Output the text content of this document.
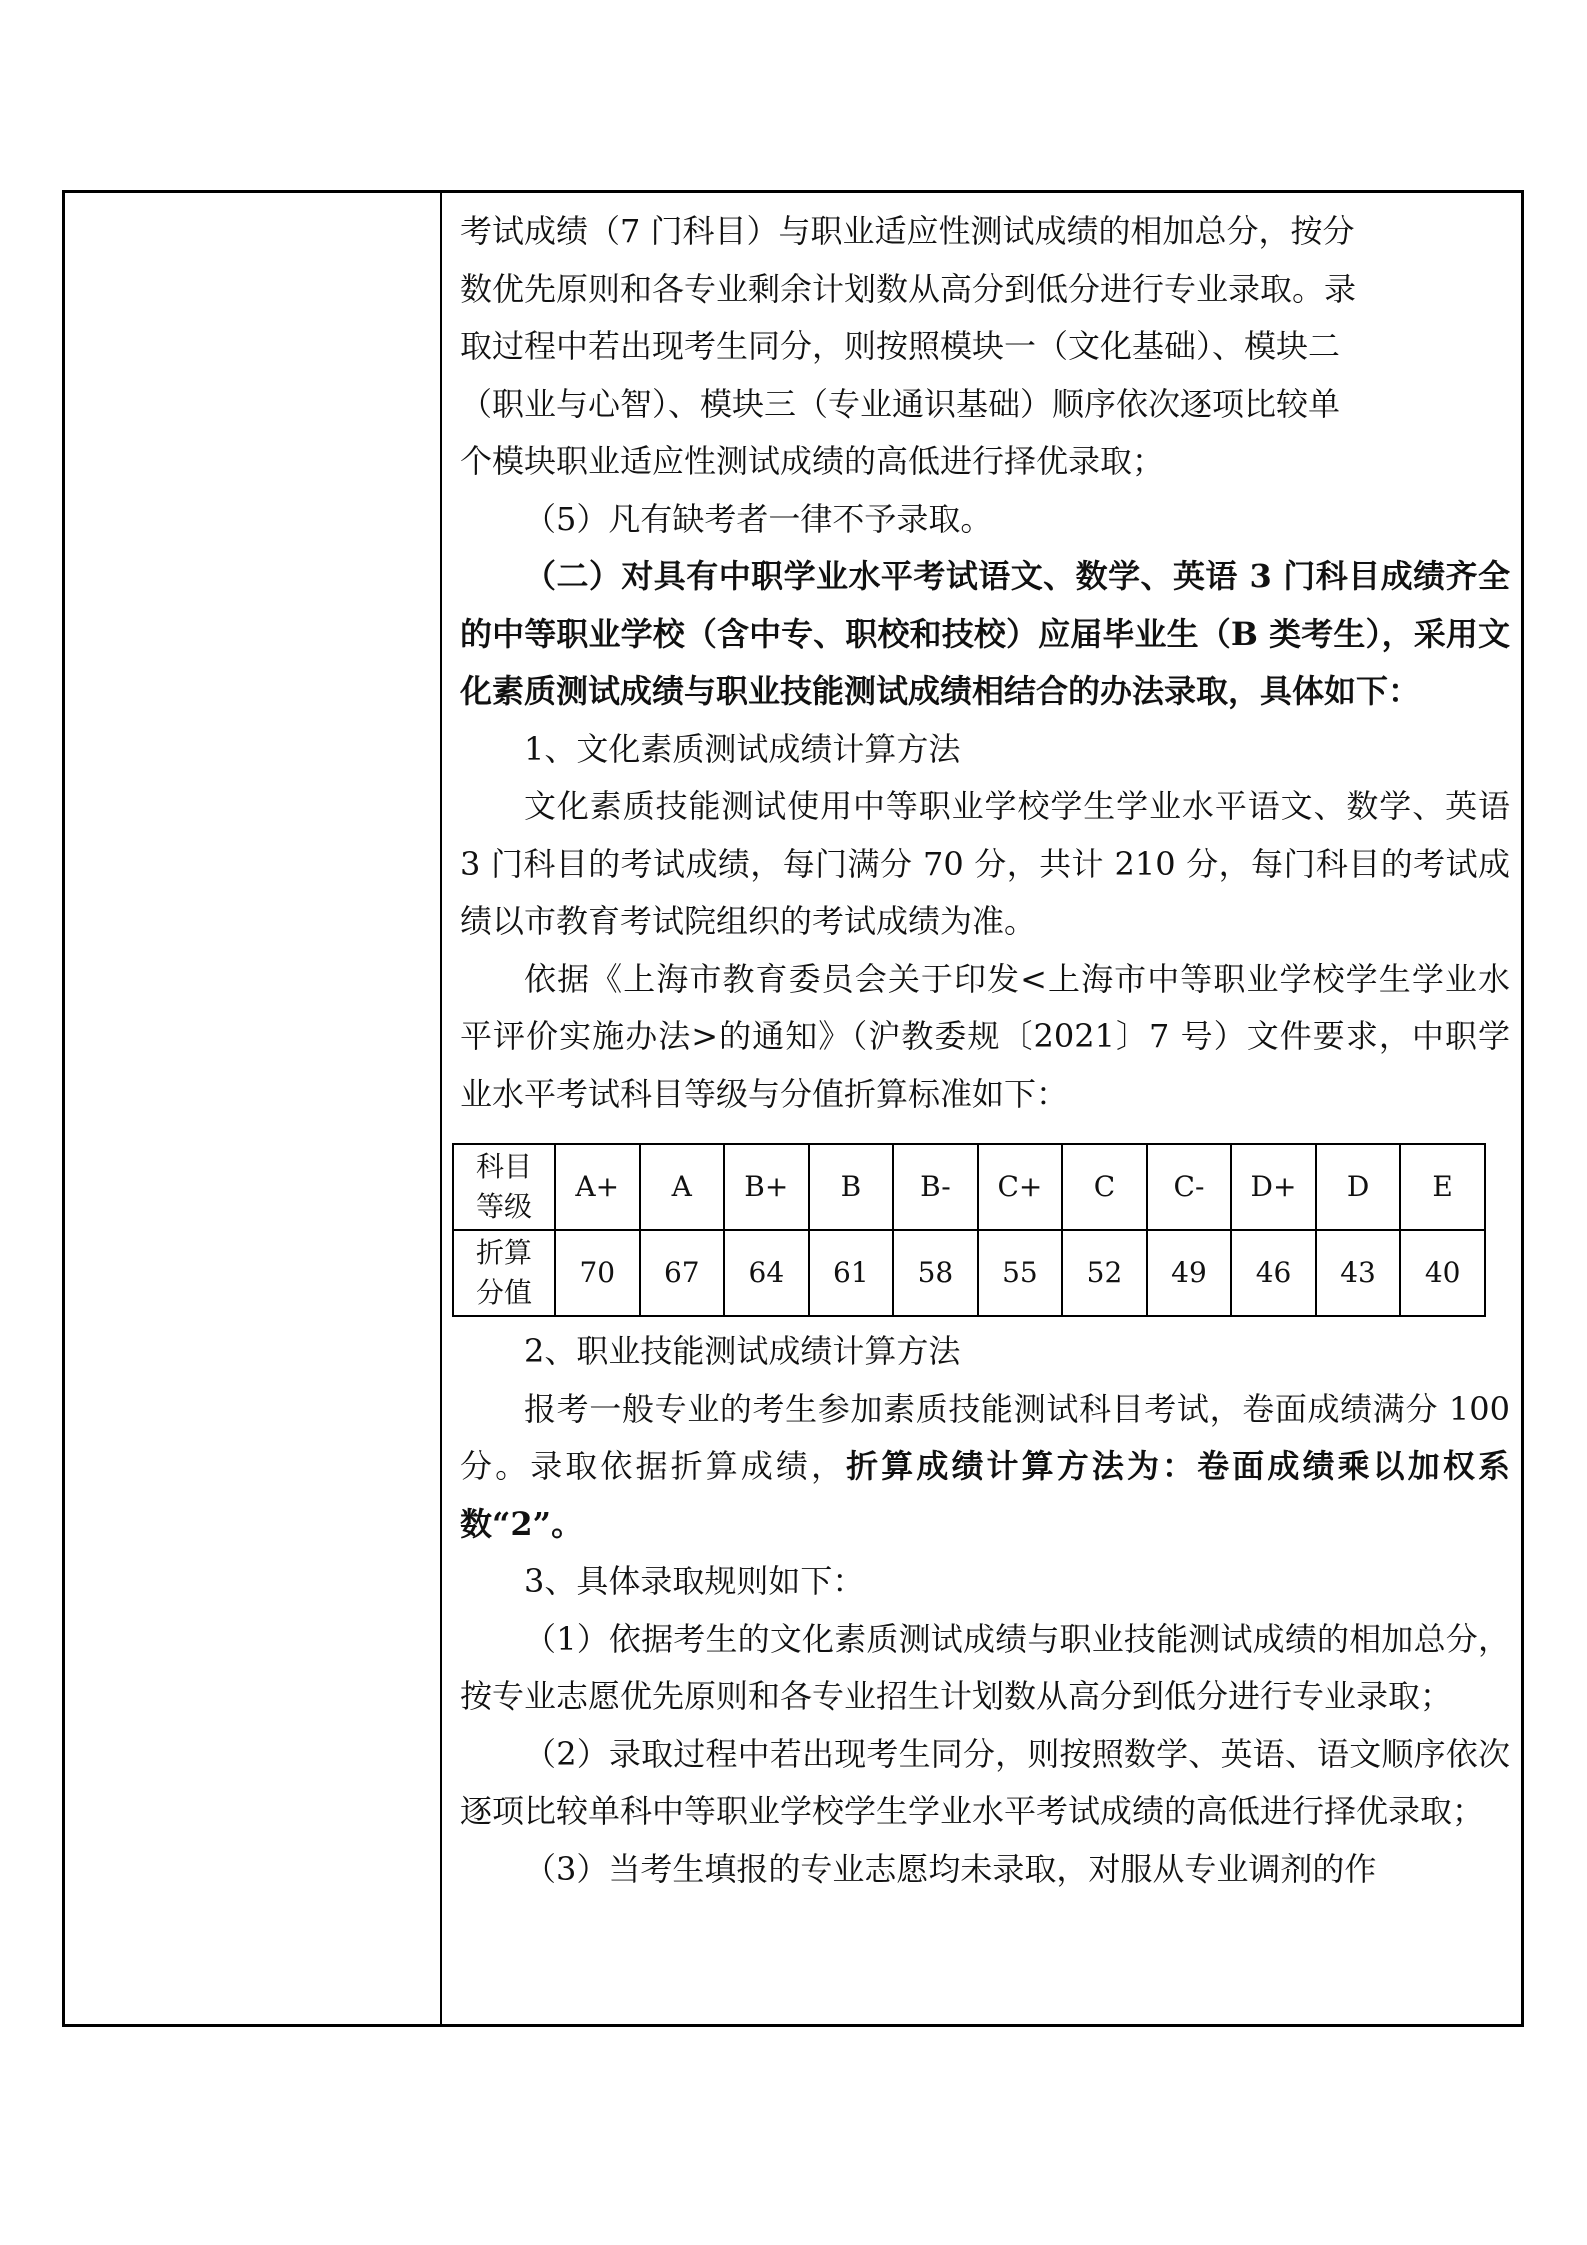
考试成绩（7 门科目）与职业适应性测试成绩的相加总分，按分

数优先原则和各专业剩余计划数从高分到低分进行专业录取。录

取过程中若出现考生同分，则按照模块一（文化基础）、模块二

（职业与心智）、模块三（专业通识基础）顺序依次逐项比较单

个模块职业适应性测试成绩的高低进行择优录取；

（5）凡有缺考者一律不予录取。

（二）对具有中职学业水平考试语文、数学、英语 3 门科目成绩齐全的中等职业学校（含中专、职校和技校）应届毕业生（B 类考生），采用文化素质测试成绩与职业技能测试成绩相结合的办法录取，具体如下：

1、文化素质测试成绩计算方法

文化素质技能测试使用中等职业学校学生学业水平语文、数学、英语 3 门科目的考试成绩，每门满分 70 分，共计 210 分，每门科目的考试成绩以市教育考试院组织的考试成绩为准。

依据《上海市教育委员会关于印发<上海市中等职业学校学生学业水平评价实施办法>的通知》（沪教委规〔2021〕7 号）文件要求，中职学业水平考试科目等级与分值折算标准如下：

科目
等级	A+	A	B+	B	B-	C+	C	C-	D+	D	E

折算
分值	70	67	64	61	58	55	52	49	46	43	40

2、职业技能测试成绩计算方法

报考一般专业的考生参加素质技能测试科目考试，卷面成绩满分 100 分。录取依据折算成绩，折算成绩计算方法为：卷面成绩乘以加权系数“2”。

3、具体录取规则如下：

（1）依据考生的文化素质测试成绩与职业技能测试成绩的相加总分，按专业志愿优先原则和各专业招生计划数从高分到低分进行专业录取；

（2）录取过程中若出现考生同分，则按照数学、英语、语文顺序依次逐项比较单科中等职业学校学生学业水平考试成绩的高低进行择优录取；

（3）当考生填报的专业志愿均未录取，对服从专业调剂的作
